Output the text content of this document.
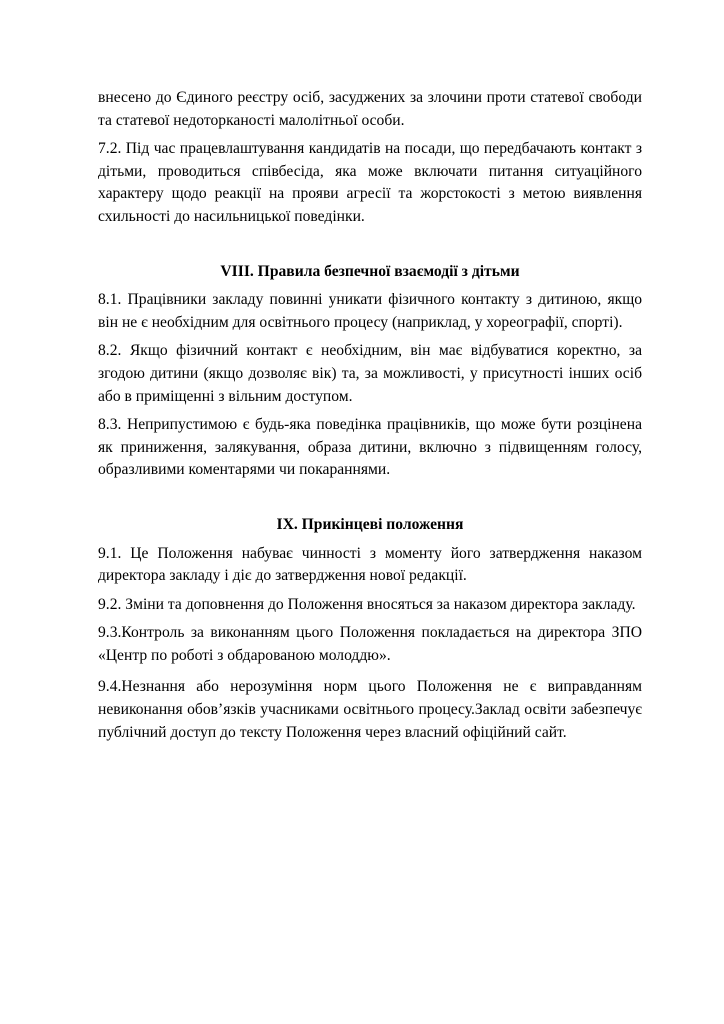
внесено до Єдиного реєстру осіб, засуджених за злочини проти статевої свободи та статевої недоторканості малолітньої особи.

7.2. Під час працевлаштування кандидатів на посади, що передбачають контакт з дітьми, проводиться співбесіда, яка може включати питання ситуаційного характеру щодо реакції на прояви агресії та жорстокості з метою виявлення схильності до насильницької поведінки.

VIII. Правила безпечної взаємодії з дітьми

8.1. Працівники закладу повинні уникати фізичного контакту з дитиною, якщо він не є необхідним для освітнього процесу (наприклад, у хореографії, спорті).

8.2. Якщо фізичний контакт є необхідним, він має відбуватися коректно, за згодою дитини (якщо дозволяє вік) та, за можливості, у присутності інших осіб або в приміщенні з вільним доступом.

8.3. Неприпустимою є будь-яка поведінка працівників, що може бути розцінена як приниження, залякування, образа дитини, включно з підвищенням голосу, образливими коментарями чи покараннями.

IX. Прикінцеві положення

9.1. Це Положення набуває чинності з моменту його затвердження наказом директора закладу і діє до затвердження нової редакції.

9.2. Зміни та доповнення до Положення вносяться за наказом директора закладу.

9.3.Контроль за виконанням цього Положення покладається на директора ЗПО «Центр по роботі з обдарованою молоддю».

9.4.Незнання або нерозуміння норм цього Положення не є виправданням невиконання обов’язків учасниками освітнього процесу.Заклад освіти забезпечує публічний доступ до тексту Положення через власний офіційний сайт.
